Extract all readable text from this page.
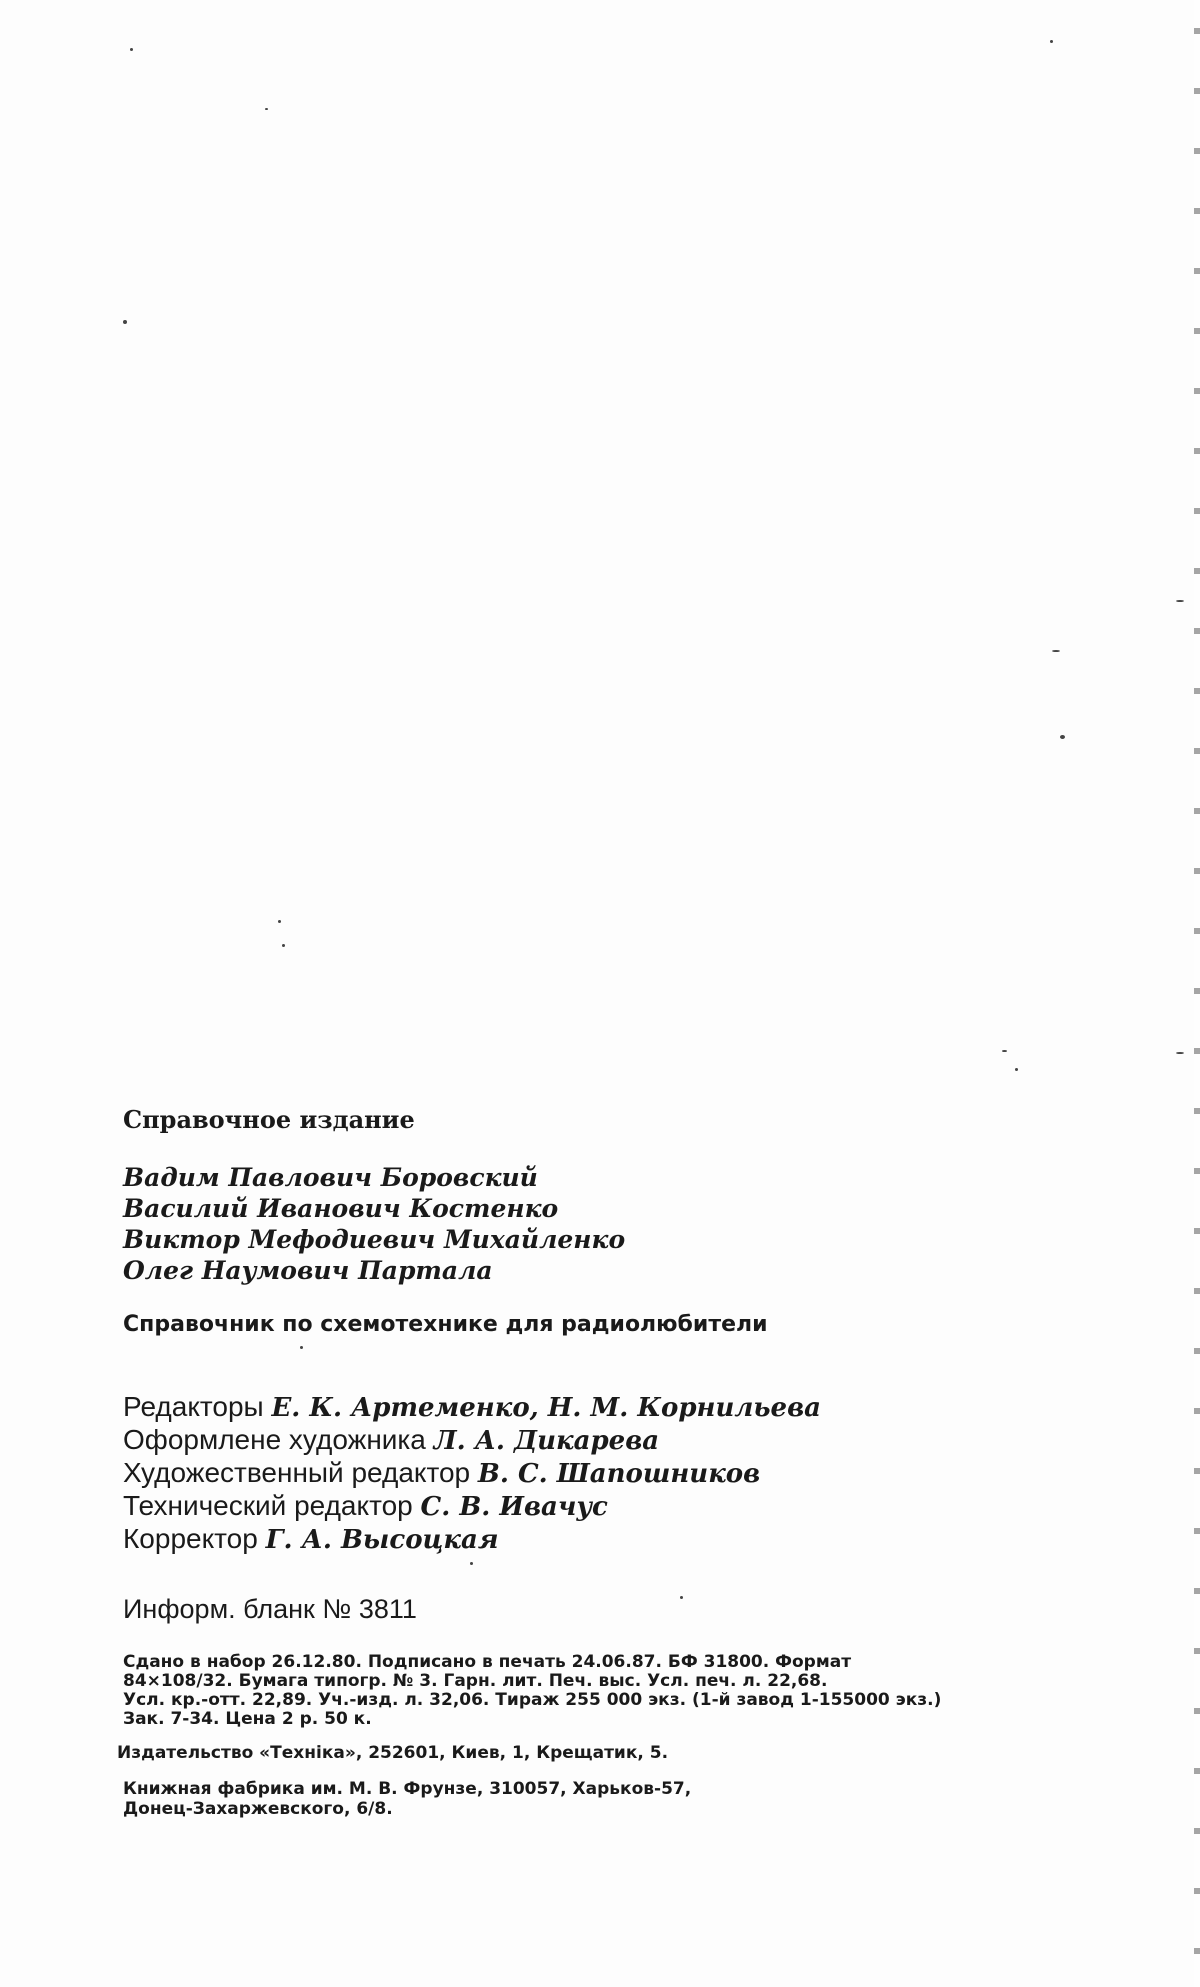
Справочное издание
Вадим Павлович Боровский
Василий Иванович Костенко
Виктор Мефодиевич Михайленко
Олег Наумович Партала
Справочник по схемотехнике для радиолюбители
Редакторы Е. К. Артеменко, Н. М. Корнильева
Оформлене художника Л. А. Дикарева
Художественный редактор В. С. Шапошников
Технический редактор С. В. Ивачус
Корректор Г. А. Высоцкая
Информ. бланк № 3811
Сдано в набор 26.12.80. Подписано в печать 24.06.87. БФ 31800. Формат
84×108/32. Бумага типогр. № 3. Гарн. лит. Печ. выс. Усл. печ. л. 22,68.
Усл. кр.-отт. 22,89. Уч.-изд. л. 32,06. Тираж 255 000 экз. (1-й завод 1-155000 экз.)
Зак. 7-34. Цена 2 р. 50 к.
Издательство «Техніка», 252601, Киев, 1, Крещатик, 5.
Книжная фабрика им. М. В. Фрунзе, 310057, Харьков-57,
Донец-Захаржевского, 6/8.
